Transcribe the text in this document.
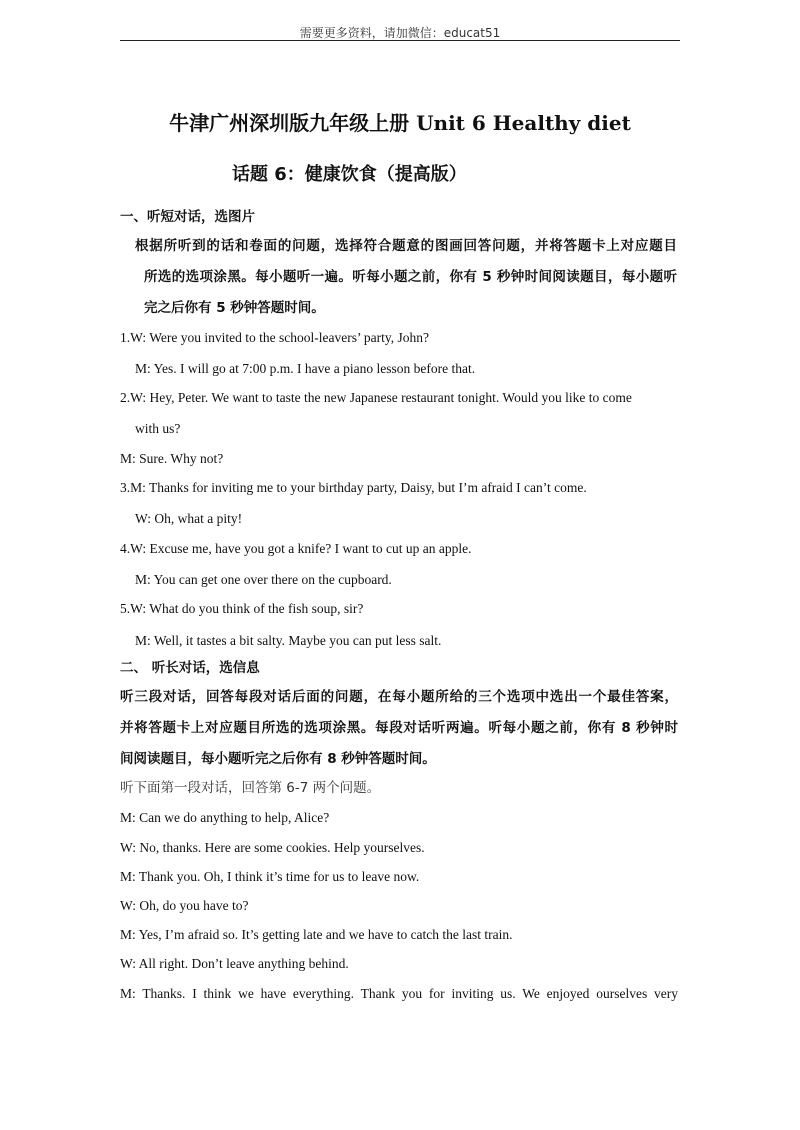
需要更多资料，请加微信：educat51
牛津广州深圳版九年级上册 Unit 6 Healthy diet
话题 6：健康饮食（提高版）
一、听短对话，选图片
根据所听到的话和卷面的问题，选择符合题意的图画回答问题，并将答题卡上对应题目
所选的选项涂黑。每小题听一遍。听每小题之前，你有 5 秒钟时间阅读题目，每小题听
完之后你有 5 秒钟答题时间。
1.W: Were you invited to the school-leavers’ party, John?
M: Yes. I will go at 7:00 p.m. I have a piano lesson before that.
2.W: Hey, Peter. We want to taste the new Japanese restaurant tonight. Would you like to come
with us?
M: Sure. Why not?
3.M: Thanks for inviting me to your birthday party, Daisy, but I’m afraid I can’t come.
W: Oh, what a pity!
4.W: Excuse me, have you got a knife? I want to cut up an apple.
M: You can get one over there on the cupboard.
5.W: What do you think of the fish soup, sir?
M: Well, it tastes a bit salty. Maybe you can put less salt.
二、 听长对话，选信息
听三段对话，回答每段对话后面的问题，在每小题所给的三个选项中选出一个最佳答案，
并将答题卡上对应题目所选的选项涂黑。每段对话听两遍。听每小题之前，你有 8 秒钟时
间阅读题目，每小题听完之后你有 8 秒钟答题时间。
听下面第一段对话，回答第 6-7 两个问题。
M: Can we do anything to help, Alice?
W: No, thanks. Here are some cookies. Help yourselves.
M: Thank you. Oh, I think it’s time for us to leave now.
W: Oh, do you have to?
M: Yes, I’m afraid so. It’s getting late and we have to catch the last train.
W: All right. Don’t leave anything behind.
M: Thanks. I think we have everything. Thank you for inviting us. We enjoyed ourselves very
